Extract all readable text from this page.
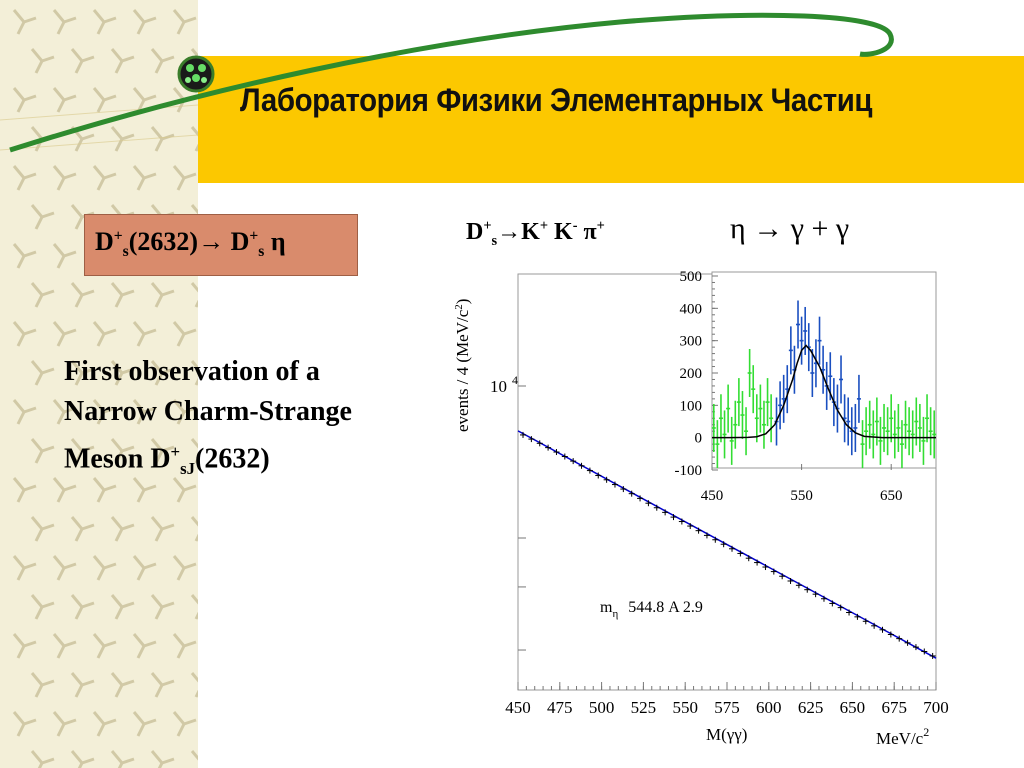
Лаборатория Физики Элементарных Частиц
$D^+_s(2632)\to D^+_s$ η
First observation of a
Narrow Charm-Strange
Meson $D^+_{sJ}(2632)$
$D^+_s\to K^+$ K- π+	η → γ + γ
450 475 500 525 550 575 600 625 650 675 700
10 4
events / 4 $(MeV/c^2)$
M(γγ)	MeV/$c^2$
$m_\eta$ 544.8 A 2.9
500
400
300
200
100
0
-100
450	550	650
